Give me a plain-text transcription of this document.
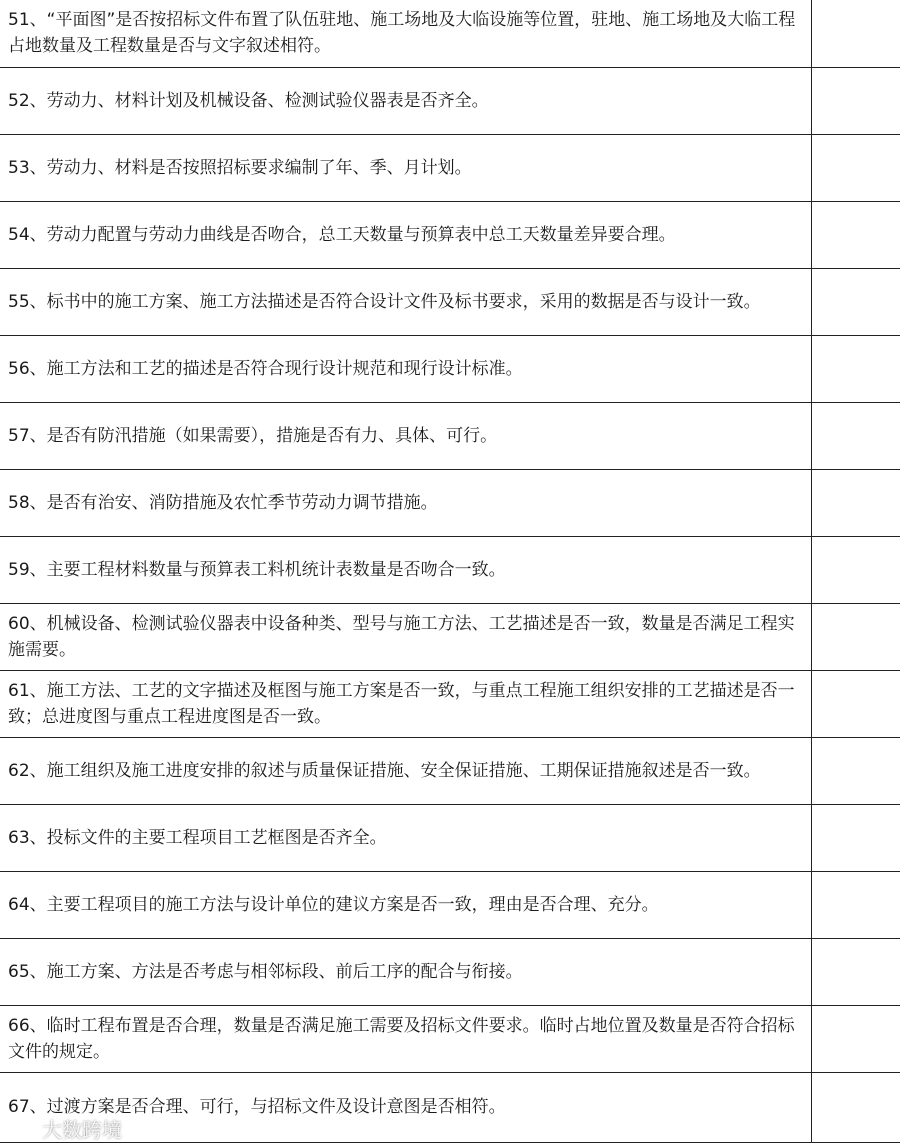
51、“平面图”是否按招标文件布置了队伍驻地、施工场地及大临设施等位置，驻地、施工场地及大临工程占地数量及工程数量是否与文字叙述相符。	
52、劳动力、材料计划及机械设备、检测试验仪器表是否齐全。	
53、劳动力、材料是否按照招标要求编制了年、季、月计划。	
54、劳动力配置与劳动力曲线是否吻合，总工天数量与预算表中总工天数量差异要合理。	
55、标书中的施工方案、施工方法描述是否符合设计文件及标书要求，采用的数据是否与设计一致。	
56、施工方法和工艺的描述是否符合现行设计规范和现行设计标准。	
57、是否有防汛措施（如果需要），措施是否有力、具体、可行。	
58、是否有治安、消防措施及农忙季节劳动力调节措施。	
59、主要工程材料数量与预算表工料机统计表数量是否吻合一致。	
60、机械设备、检测试验仪器表中设备种类、型号与施工方法、工艺描述是否一致，数量是否满足工程实施需要。	
61、施工方法、工艺的文字描述及框图与施工方案是否一致，与重点工程施工组织安排的工艺描述是否一致；总进度图与重点工程进度图是否一致。	
62、施工组织及施工进度安排的叙述与质量保证措施、安全保证措施、工期保证措施叙述是否一致。	
63、投标文件的主要工程项目工艺框图是否齐全。	
64、主要工程项目的施工方法与设计单位的建议方案是否一致，理由是否合理、充分。	
65、施工方案、方法是否考虑与相邻标段、前后工序的配合与衔接。	
66、临时工程布置是否合理，数量是否满足施工需要及招标文件要求。临时占地位置及数量是否符合招标文件的规定。	
67、过渡方案是否合理、可行，与招标文件及设计意图是否相符。	
大数跨境
